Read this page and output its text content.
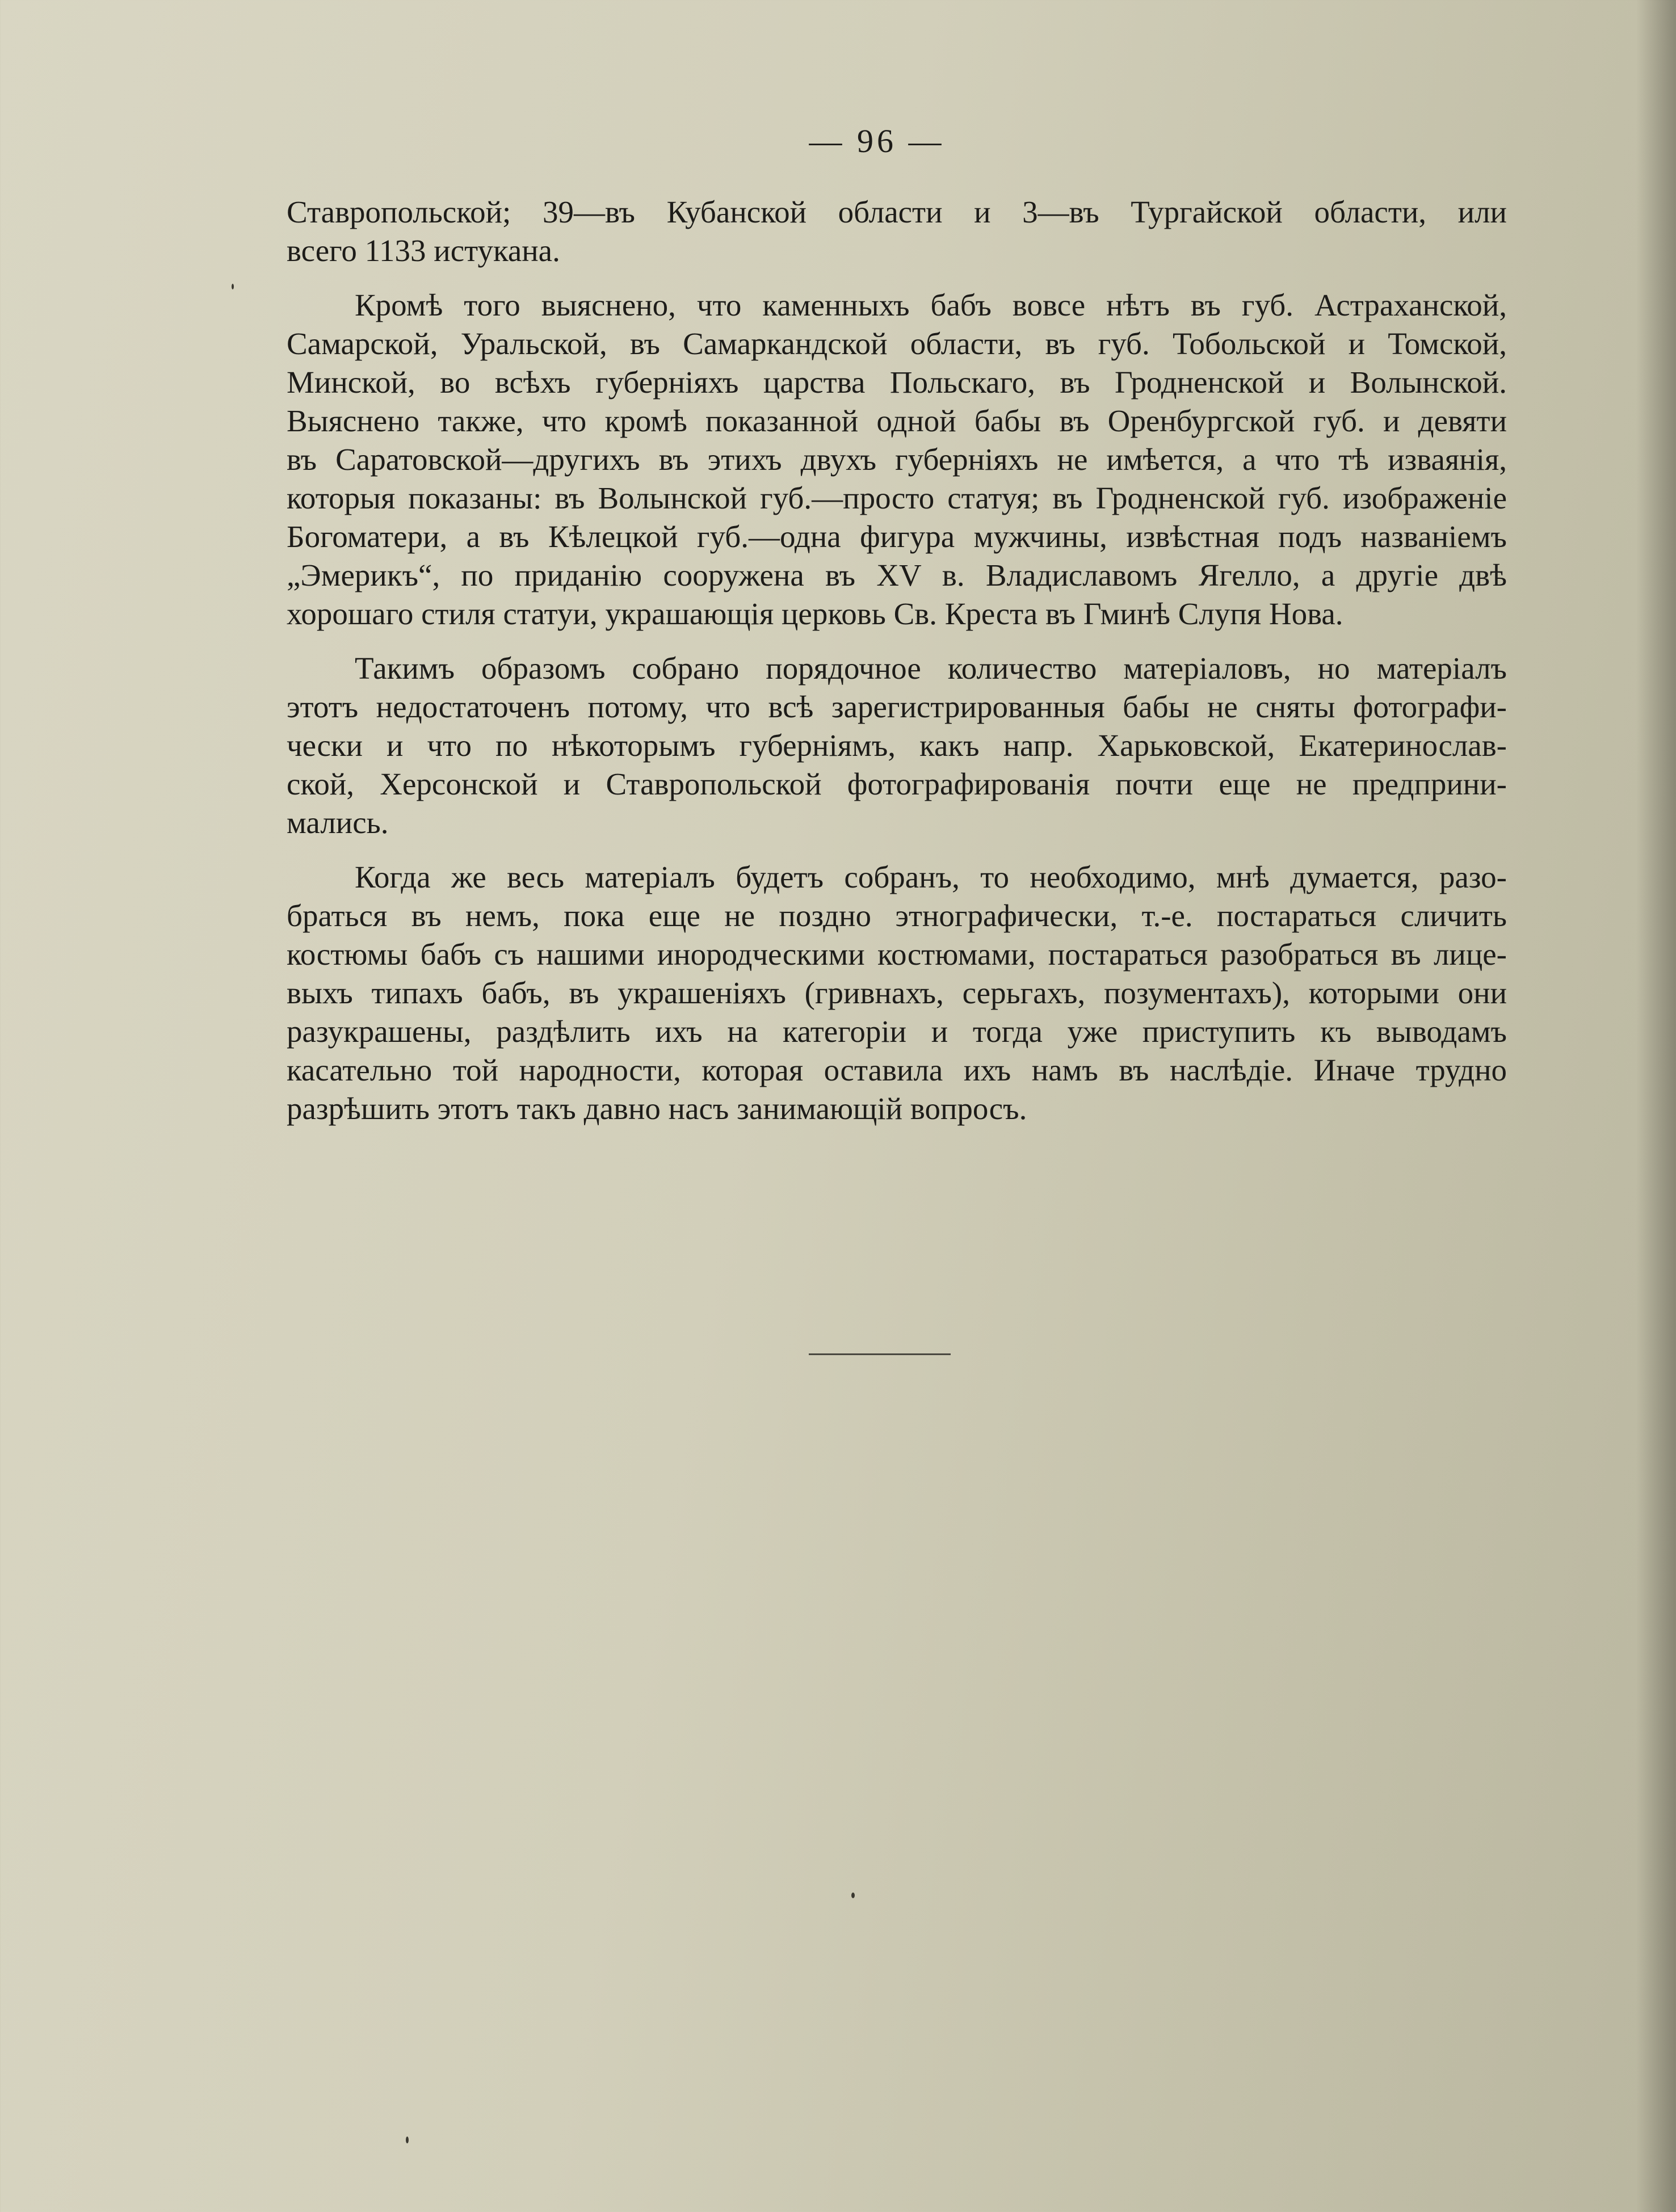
— 96 —
Ставропольской; 39—въ Кубанской области и 3—въ Тургайской области, или
всего 1133 истукана.
Кромѣ того выяснено, что каменныхъ бабъ вовсе нѣтъ въ губ. Астраханской,
Самарской, Уральской, въ Самаркандской области, въ губ. Тобольской и Томской,
Минской, во всѣхъ губерніяхъ царства Польскаго, въ Гродненской и Волынской.
Выяснено также, что кромѣ показанной одной бабы въ Оренбургской губ. и девяти
въ Саратовской—другихъ въ этихъ двухъ губерніяхъ не имѣется, а что тѣ изваянія,
которыя показаны: въ Волынской губ.—просто статуя; въ Гродненской губ. изображеніе
Богоматери, а въ Кѣлецкой губ.—одна фигура мужчины, извѣстная подъ названіемъ
„Эмерикъ“, по приданію сооружена въ XV в. Владиславомъ Ягелло, а другіе двѣ
хорошаго стиля статуи, украшающія церковь Св. Креста въ Гминѣ Слупя Нова.
Такимъ образомъ собрано порядочное количество матеріаловъ, но матеріалъ
этотъ недостаточенъ потому, что всѣ зарегистрированныя бабы не сняты фотографи-
чески и что по нѣкоторымъ губерніямъ, какъ напр. Харьковской, Екатеринослав-
ской, Херсонской и Ставропольской фотографированія почти еще не предприни-
мались.
Когда же весь матеріалъ будетъ собранъ, то необходимо, мнѣ думается, разо-
браться въ немъ, пока еще не поздно этнографически, т.-е. постараться сличить
костюмы бабъ съ нашими инородческими костюмами, постараться разобраться въ лице-
выхъ типахъ бабъ, въ украшеніяхъ (гривнахъ, серьгахъ, позументахъ), которыми они
разукрашены, раздѣлить ихъ на категоріи и тогда уже приступить къ выводамъ
касательно той народности, которая оставила ихъ намъ въ наслѣдіе. Иначе трудно
разрѣшить этотъ такъ давно насъ занимающій вопросъ.
